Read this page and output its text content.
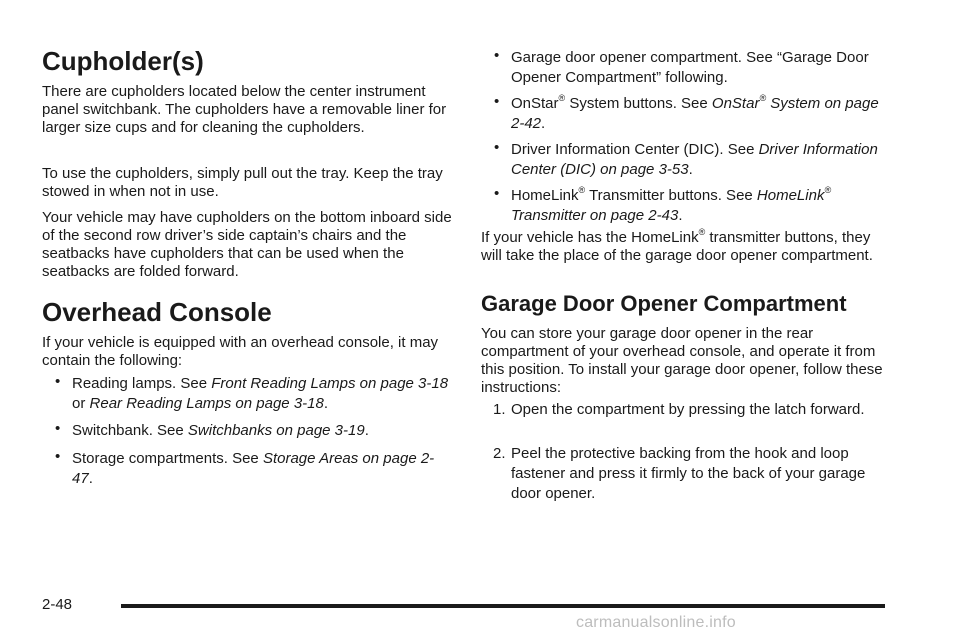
Cupholder(s)

There are cupholders located below the center instrument panel switchbank. The cupholders have a removable liner for larger size cups and for cleaning the cupholders.

To use the cupholders, simply pull out the tray. Keep the tray stowed in when not in use.

Your vehicle may have cupholders on the bottom inboard side of the second row driver’s side captain’s chairs and the seatbacks have cupholders that can be used when the seatbacks are folded forward.

Overhead Console

If your vehicle is equipped with an overhead console, it may contain the following:

• Reading lamps. See Front Reading Lamps on page 3-18 or Rear Reading Lamps on page 3-18.
• Switchbank. See Switchbanks on page 3-19.
• Storage compartments. See Storage Areas on page 2-47.
• Garage door opener compartment. See “Garage Door Opener Compartment” following.
• OnStar® System buttons. See OnStar® System on page 2-42.
• Driver Information Center (DIC). See Driver Information Center (DIC) on page 3-53.
• HomeLink® Transmitter buttons. See HomeLink®
Transmitter on page 2-43.

If your vehicle has the HomeLink® transmitter buttons, they will take the place of the garage door opener compartment.

Garage Door Opener Compartment

You can store your garage door opener in the rear compartment of your overhead console, and operate it from this position. To install your garage door opener, follow these instructions:

1. Open the compartment by pressing the latch forward.
2. Peel the protective backing from the hook and loop fastener and press it firmly to the back of your garage door opener.
2-48
carmanualsonline.info
